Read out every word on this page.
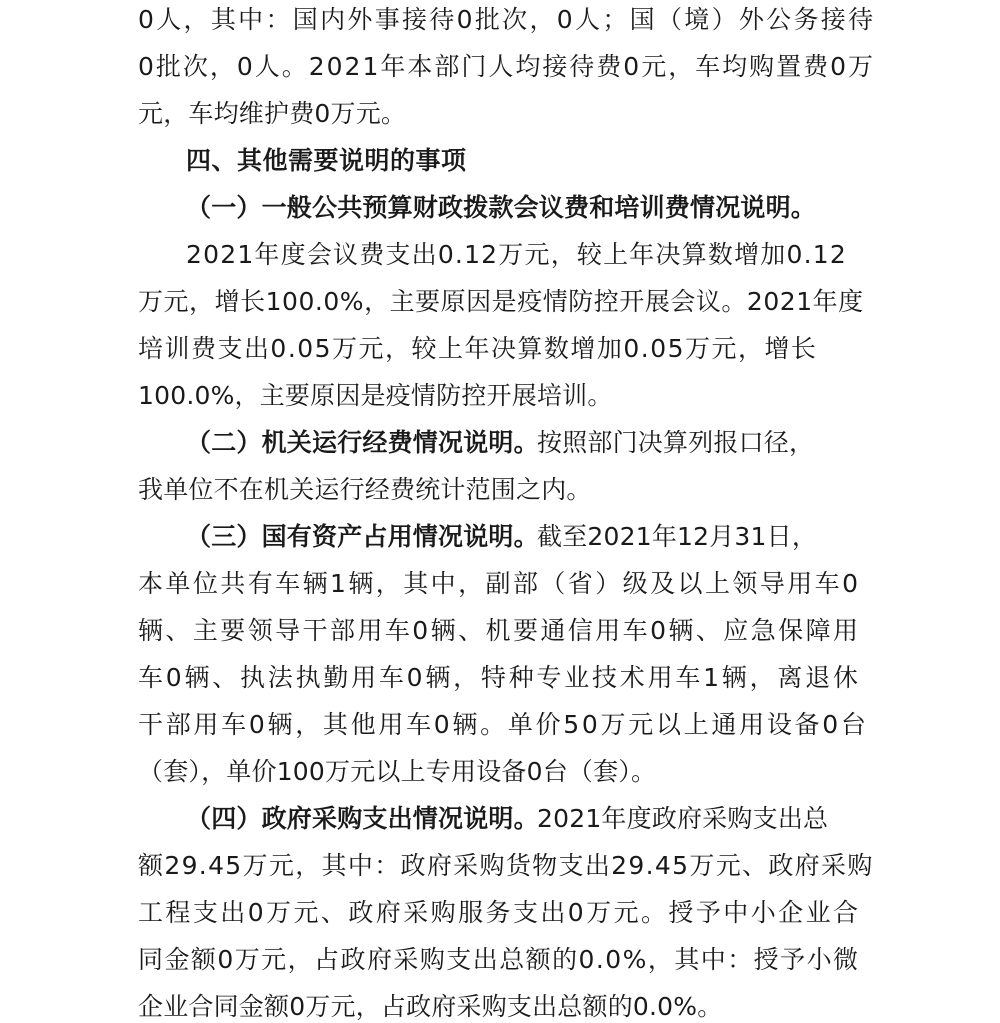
0人，其中：国内外事接待0批次，0人；国（境）外公务接待
0批次，0人。2021年本部门人均接待费0元，车均购置费0万
元，车均维护费0万元。
四、其他需要说明的事项
（一）一般公共预算财政拨款会议费和培训费情况说明。
2021年度会议费支出0.12万元，较上年决算数增加0.12
万元，增长100.0%，主要原因是疫情防控开展会议。2021年度
培训费支出0.05万元，较上年决算数增加0.05万元，增长
100.0%，主要原因是疫情防控开展培训。
（二）机关运行经费情况说明。
按照部门决算列报口径，
我单位不在机关运行经费统计范围之内。
（三）国有资产占用情况说明。
截至2021年12月31日，
本单位共有车辆1辆，其中，副部（省）级及以上领导用车0
辆、主要领导干部用车0辆、机要通信用车0辆、应急保障用
车0辆、执法执勤用车0辆，特种专业技术用车1辆，离退休
干部用车0辆，其他用车0辆。单价50万元以上通用设备0台
（套），单价100万元以上专用设备0台（套）。
（四）政府采购支出情况说明。
2021年度政府采购支出总
额29.45万元，其中：政府采购货物支出29.45万元、政府采购
工程支出0万元、政府采购服务支出0万元。授予中小企业合
同金额0万元，占政府采购支出总额的0.0%，其中：授予小微
企业合同金额0万元，占政府采购支出总额的0.0%。
